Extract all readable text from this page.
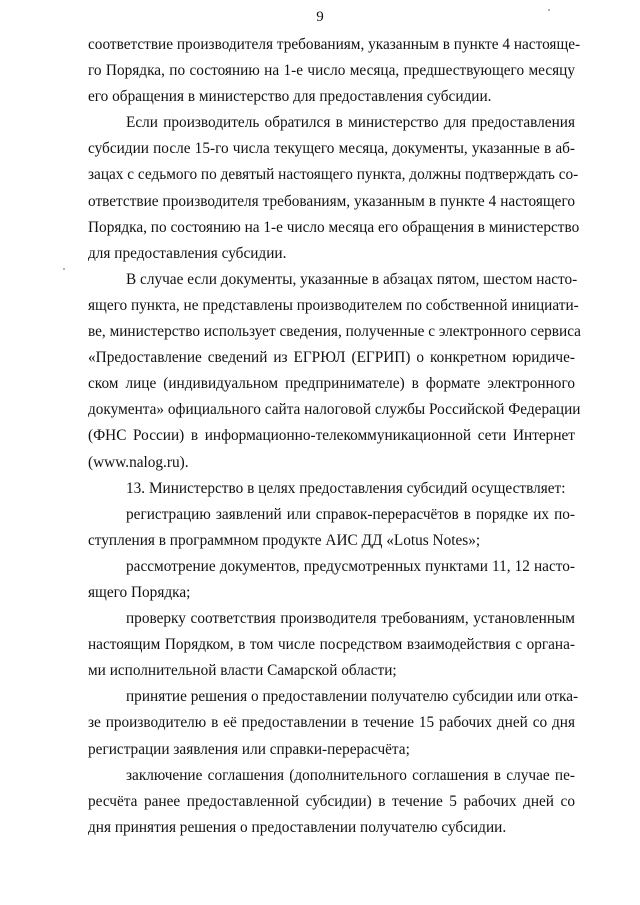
9
соответствие производителя требованиям, указанным в пункте 4 настояще-
го Порядка, по состоянию на 1-е число месяца, предшествующего месяцу
его обращения в министерство для предоставления субсидии.
Если производитель обратился в министерство для предоставления
субсидии после 15-го числа текущего месяца, документы, указанные в аб-
зацах с седьмого по девятый настоящего пункта, должны подтверждать со-
ответствие производителя требованиям, указанным в пункте 4 настоящего
Порядка, по состоянию на 1-е число месяца его обращения в министерство
для предоставления субсидии.
В случае если документы, указанные в абзацах пятом, шестом насто-
ящего пункта, не представлены производителем по собственной инициати-
ве, министерство использует сведения, полученные с электронного сервиса
«Предоставление сведений из ЕГРЮЛ (ЕГРИП) о конкретном юридиче-
ском лице (индивидуальном предпринимателе) в формате электронного
документа» официального сайта налоговой службы Российской Федерации
(ФНС России) в информационно-телекоммуникационной сети Интернет
(www.nalog.ru).
13. Министерство в целях предоставления субсидий осуществляет:
регистрацию заявлений или справок-перерасчётов в порядке их по-
ступления в программном продукте АИС ДД «Lotus Notes»;
рассмотрение документов, предусмотренных пунктами 11, 12 насто-
ящего Порядка;
проверку соответствия производителя требованиям, установленным
настоящим Порядком, в том числе посредством взаимодействия с органа-
ми исполнительной власти Самарской области;
принятие решения о предоставлении получателю субсидии или отка-
зе производителю в её предоставлении в течение 15 рабочих дней со дня
регистрации заявления или справки-перерасчёта;
заключение соглашения (дополнительного соглашения в случае пе-
ресчёта ранее предоставленной субсидии) в течение 5 рабочих дней со
дня принятия решения о предоставлении получателю субсидии.
